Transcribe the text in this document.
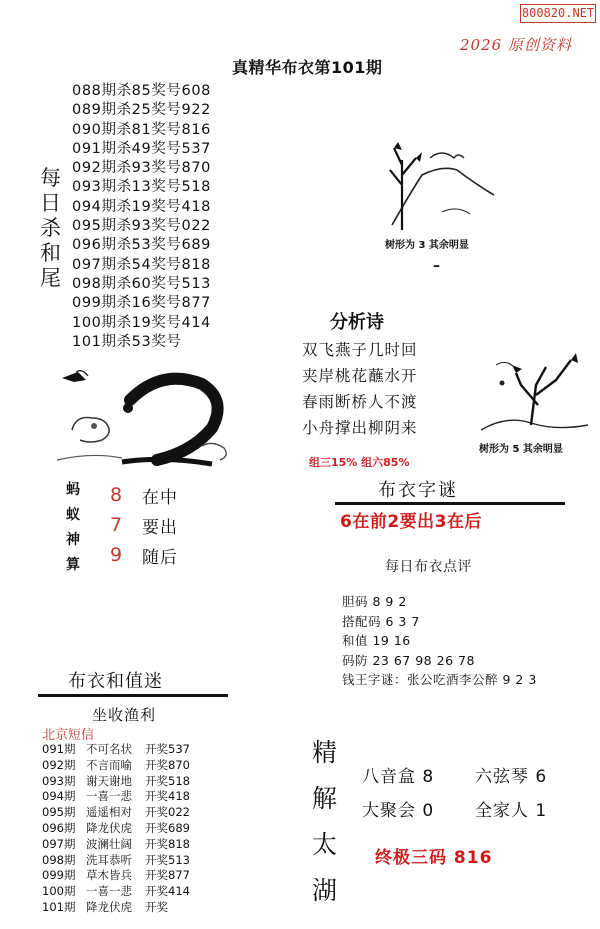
800820.NET
2026 原创资料
真精华布衣第101期
088期杀85奖号608
089期杀25奖号922
090期杀81奖号816
091期杀49奖号537
092期杀93奖号870
093期杀13奖号518
094期杀19奖号418
095期杀93奖号022
096期杀53奖号689
097期杀54奖号818
098期杀60奖号513
099期杀16奖号877
100期杀19奖号414
101期杀53奖号
每
日
杀
和
尾
树形为 3 其余明显
–
分析诗
双飞燕子几时回
夹岸桃花蘸水开
春雨断桥人不渡
小舟撑出柳阴来
树形为 5 其余明显
组三15% 组六85%
布衣字谜
6在前2要出3在后
每日布衣点评
胆码 8 9 2
搭配码 6 3 7
和值 19 16
码防 23 67 98 26 78
钱王字谜：张公吃酒李公醉 9 2 3
蚂
蚁
神
算
8
7
9
在中
要出
随后
布衣和值迷
坐收渔利
北京短信
091期 不可名状 开奖537
092期 不言而喻 开奖870
093期 谢天谢地 开奖518
094期 一喜一悲 开奖418
095期 遥遥相对 开奖022
096期 降龙伏虎 开奖689
097期 波澜壮阔 开奖818
098期 洗耳恭听 开奖513
099期 草木皆兵 开奖877
100期 一喜一悲 开奖414
101期 降龙伏虎 开奖
精
解
太
湖
八音盒 8 六弦琴 6
大聚会 0 全家人 1
终极三码 816
